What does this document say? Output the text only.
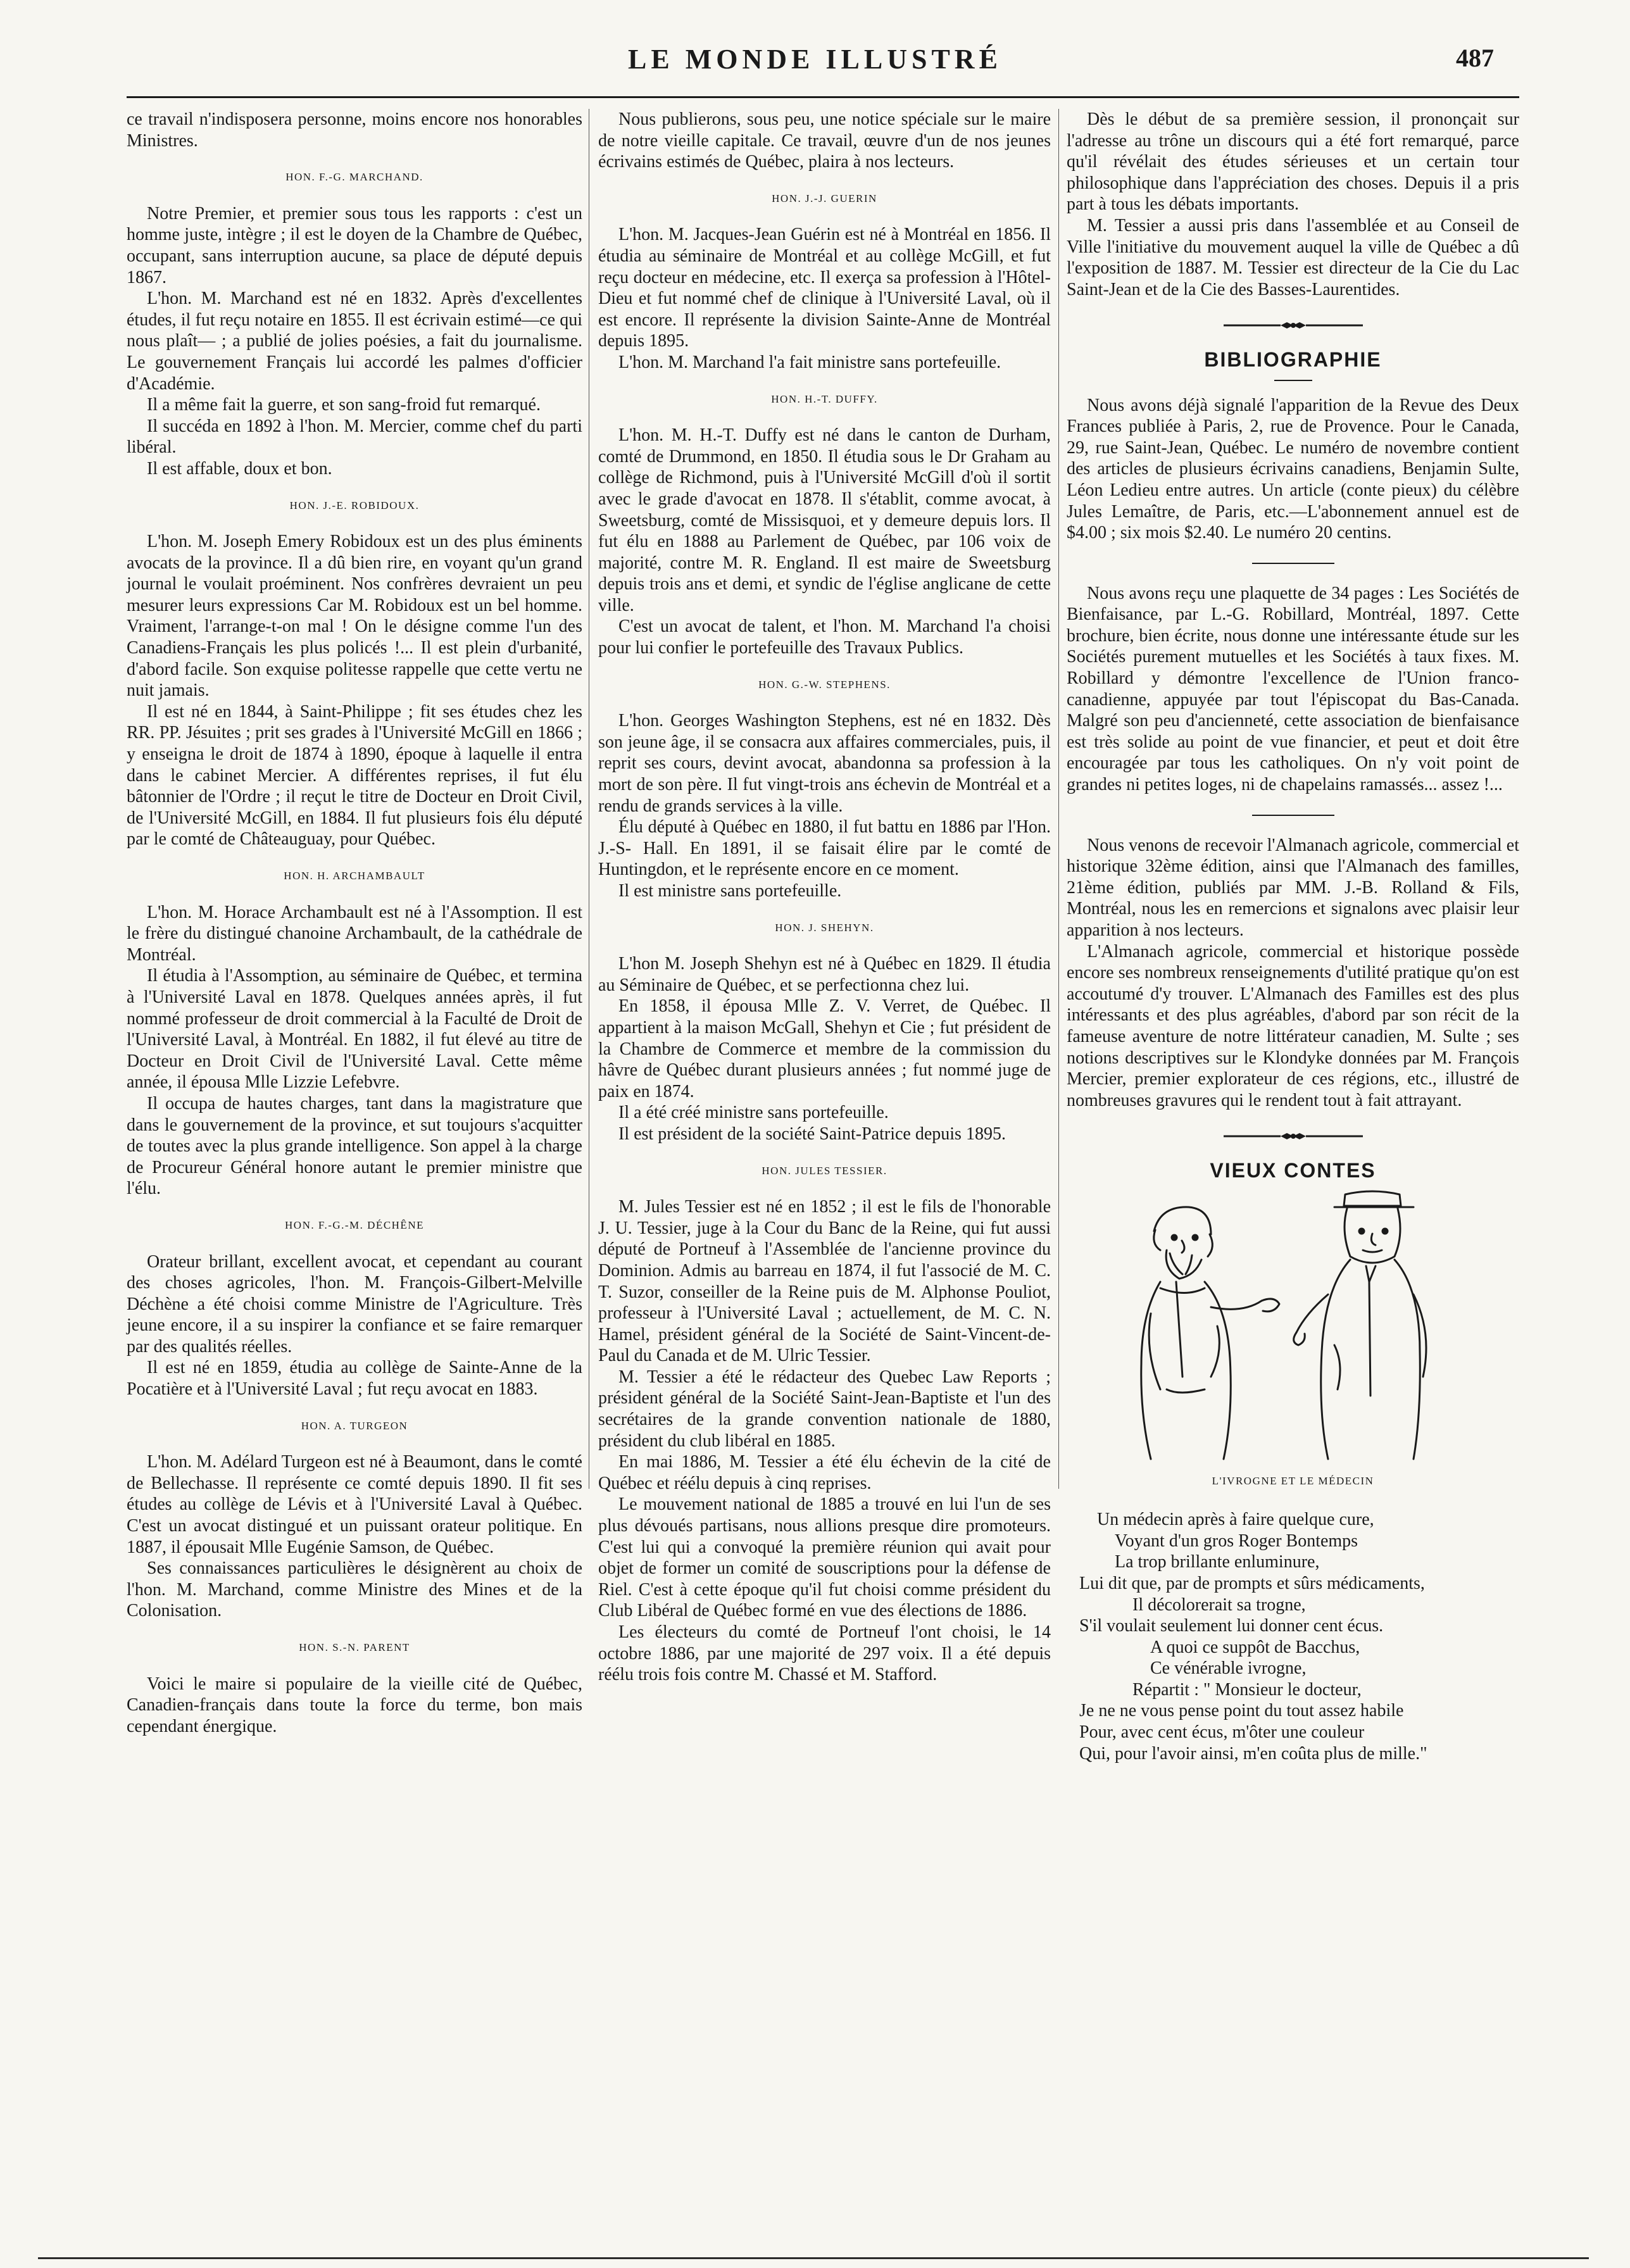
LE MONDE ILLUSTRÉ	487

ce travail n'indisposera personne, moins encore nos honorables Ministres.

HON. F.-G. MARCHAND.

Notre Premier, et premier sous tous les rapports : c'est un homme juste, intègre ; il est le doyen de la Chambre de Québec, occupant, sans interruption aucune, sa place de député depuis 1867.

L'hon. M. Marchand est né en 1832. Après d'excellentes études, il fut reçu notaire en 1855. Il est écrivain estimé—ce qui nous plaît— ; a publié de jolies poésies, a fait du journalisme. Le gouvernement Français lui accordé les palmes d'officier d'Académie.

Il a même fait la guerre, et son sang-froid fut remarqué.

Il succéda en 1892 à l'hon. M. Mercier, comme chef du parti libéral.

Il est affable, doux et bon.

HON. J.-E. ROBIDOUX.

L'hon. M. Joseph Emery Robidoux est un des plus éminents avocats de la province. Il a dû bien rire, en voyant qu'un grand journal le voulait proéminent. Nos confrères devraient un peu mesurer leurs expressions Car M. Robidoux est un bel homme. Vraiment, l'arrange-t-on mal ! On le désigne comme l'un des Canadiens-Français les plus policés !... Il est plein d'urbanité, d'abord facile. Son exquise politesse rappelle que cette vertu ne nuit jamais.

Il est né en 1844, à Saint-Philippe ; fit ses études chez les RR. PP. Jésuites ; prit ses grades à l'Université McGill en 1866 ; y enseigna le droit de 1874 à 1890, époque à laquelle il entra dans le cabinet Mercier. A différentes reprises, il fut élu bâtonnier de l'Ordre ; il reçut le titre de Docteur en Droit Civil, de l'Université McGill, en 1884. Il fut plusieurs fois élu député par le comté de Châteauguay, pour Québec.

HON. H. ARCHAMBAULT

L'hon. M. Horace Archambault est né à l'Assomption. Il est le frère du distingué chanoine Archambault, de la cathédrale de Montréal.

Il étudia à l'Assomption, au séminaire de Québec, et termina à l'Université Laval en 1878. Quelques années après, il fut nommé professeur de droit commercial à la Faculté de Droit de l'Université Laval, à Montréal. En 1882, il fut élevé au titre de Docteur en Droit Civil de l'Université Laval. Cette même année, il épousa Mlle Lizzie Lefebvre.

Il occupa de hautes charges, tant dans la magistrature que dans le gouvernement de la province, et sut toujours s'acquitter de toutes avec la plus grande intelligence. Son appel à la charge de Procureur Général honore autant le premier ministre que l'élu.

HON. F.-G.-M. DÉCHÊNE

Orateur brillant, excellent avocat, et cependant au courant des choses agricoles, l'hon. M. François-Gilbert-Melville Déchène a été choisi comme Ministre de l'Agriculture. Très jeune encore, il a su inspirer la confiance et se faire remarquer par des qualités réelles.

Il est né en 1859, étudia au collège de Sainte-Anne de la Pocatière et à l'Université Laval ; fut reçu avocat en 1883.

HON. A. TURGEON

L'hon. M. Adélard Turgeon est né à Beaumont, dans le comté de Bellechasse. Il représente ce comté depuis 1890. Il fit ses études au collège de Lévis et à l'Université Laval à Québec. C'est un avocat distingué et un puissant orateur politique. En 1887, il épousait Mlle Eugénie Samson, de Québec.

Ses connaissances particulières le désignèrent au choix de l'hon. M. Marchand, comme Ministre des Mines et de la Colonisation.

HON. S.-N. PARENT

Voici le maire si populaire de la vieille cité de Québec, Canadien-français dans toute la force du terme, bon mais cependant énergique.

Nous publierons, sous peu, une notice spéciale sur le maire de notre vieille capitale. Ce travail, œuvre d'un de nos jeunes écrivains estimés de Québec, plaira à nos lecteurs.

HON. J.-J. GUERIN

L'hon. M. Jacques-Jean Guérin est né à Montréal en 1856. Il étudia au séminaire de Montréal et au collège McGill, et fut reçu docteur en médecine, etc. Il exerça sa profession à l'Hôtel-Dieu et fut nommé chef de clinique à l'Université Laval, où il est encore. Il représente la division Sainte-Anne de Montréal depuis 1895.

L'hon. M. Marchand l'a fait ministre sans portefeuille.

HON. H.-T. DUFFY.

L'hon. M. H.-T. Duffy est né dans le canton de Durham, comté de Drummond, en 1850. Il étudia sous le Dr Graham au collège de Richmond, puis à l'Université McGill d'où il sortit avec le grade d'avocat en 1878. Il s'établit, comme avocat, à Sweetsburg, comté de Missisquoi, et y demeure depuis lors. Il fut élu en 1888 au Parlement de Québec, par 106 voix de majorité, contre M. R. England. Il est maire de Sweetsburg depuis trois ans et demi, et syndic de l'église anglicane de cette ville.

C'est un avocat de talent, et l'hon. M. Marchand l'a choisi pour lui confier le portefeuille des Travaux Publics.

HON. G.-W. STEPHENS.

L'hon. Georges Washington Stephens, est né en 1832. Dès son jeune âge, il se consacra aux affaires commerciales, puis, il reprit ses cours, devint avocat, abandonna sa profession à la mort de son père. Il fut vingt-trois ans échevin de Montréal et a rendu de grands services à la ville.

Élu député à Québec en 1880, il fut battu en 1886 par l'Hon. J.-S- Hall. En 1891, il se faisait élire par le comté de Huntingdon, et le représente encore en ce moment.

Il est ministre sans portefeuille.

HON. J. SHEHYN.

L'hon M. Joseph Shehyn est né à Québec en 1829. Il étudia au Séminaire de Québec, et se perfectionna chez lui.

En 1858, il épousa Mlle Z. V. Verret, de Québec. Il appartient à la maison McGall, Shehyn et Cie ; fut président de la Chambre de Commerce et membre de la commission du hâvre de Québec durant plusieurs années ; fut nommé juge de paix en 1874.

Il a été créé ministre sans portefeuille.

Il est président de la société Saint-Patrice depuis 1895.

HON. JULES TESSIER.

M. Jules Tessier est né en 1852 ; il est le fils de l'honorable J. U. Tessier, juge à la Cour du Banc de la Reine, qui fut aussi député de Portneuf à l'Assemblée de l'ancienne province du Dominion. Admis au barreau en 1874, il fut l'associé de M. C. T. Suzor, conseiller de la Reine puis de M. Alphonse Pouliot, professeur à l'Université Laval ; actuellement, de M. C. N. Hamel, président général de la Société de Saint-Vincent-de-Paul du Canada et de M. Ulric Tessier.

M. Tessier a été le rédacteur des Quebec Law Reports ; président général de la Société Saint-Jean-Baptiste et l'un des secrétaires de la grande convention nationale de 1880, président du club libéral en 1885.

En mai 1886, M. Tessier a été élu échevin de la cité de Québec et réélu depuis à cinq reprises.

Le mouvement national de 1885 a trouvé en lui l'un de ses plus dévoués partisans, nous allions presque dire promoteurs. C'est lui qui a convoqué la première réunion qui avait pour objet de former un comité de souscriptions pour la défense de Riel. C'est à cette époque qu'il fut choisi comme président du Club Libéral de Québec formé en vue des élections de 1886.

Les électeurs du comté de Portneuf l'ont choisi, le 14 octobre 1886, par une majorité de 297 voix. Il a été depuis réélu trois fois contre M. Chassé et M. Stafford.

Dès le début de sa première session, il prononçait sur l'adresse au trône un discours qui a été fort remarqué, parce qu'il révélait des études sérieuses et un certain tour philosophique dans l'appréciation des choses. Depuis il a pris part à tous les débats importants.

M. Tessier a aussi pris dans l'assemblée et au Conseil de Ville l'initiative du mouvement auquel la ville de Québec a dû l'exposition de 1887. M. Tessier est directeur de la Cie du Lac Saint-Jean et de la Cie des Basses-Laurentides.

BIBLIOGRAPHIE

Nous avons déjà signalé l'apparition de la Revue des Deux Frances publiée à Paris, 2, rue de Provence. Pour le Canada, 29, rue Saint-Jean, Québec. Le numéro de novembre contient des articles de plusieurs écrivains canadiens, Benjamin Sulte, Léon Ledieu entre autres. Un article (conte pieux) du célèbre Jules Lemaître, de Paris, etc.—L'abonnement annuel est de $4.00 ; six mois $2.40. Le numéro 20 centins.

Nous avons reçu une plaquette de 34 pages : Les Sociétés de Bienfaisance, par L.-G. Robillard, Montréal, 1897. Cette brochure, bien écrite, nous donne une intéressante étude sur les Sociétés purement mutuelles et les Sociétés à taux fixes. M. Robillard y démontre l'excellence de l'Union franco-canadienne, appuyée par tout l'épiscopat du Bas-Canada. Malgré son peu d'ancienneté, cette association de bienfaisance est très solide au point de vue financier, et peut et doit être encouragée par tous les catholiques. On n'y voit point de grandes ni petites loges, ni de chapelains ramassés... assez !...

Nous venons de recevoir l'Almanach agricole, commercial et historique 32ème édition, ainsi que l'Almanach des familles, 21ème édition, publiés par MM. J.-B. Rolland & Fils, Montréal, nous les en remercions et signalons avec plaisir leur apparition à nos lecteurs.

L'Almanach agricole, commercial et historique possède encore ses nombreux renseignements d'utilité pratique qu'on est accoutumé d'y trouver. L'Almanach des Familles est des plus intéressants et des plus agréables, d'abord par son récit de la fameuse aventure de notre littérateur canadien, M. Sulte ; ses notions descriptives sur le Klondyke données par M. François Mercier, premier explorateur de ces régions, etc., illustré de nombreuses gravures qui le rendent tout à fait attrayant.

VIEUX CONTES
L'IVROGNE ET LE MÉDECIN
Un médecin après à faire quelque cure,
Voyant d'un gros Roger Bontemps
La trop brillante enluminure,
Lui dit que, par de prompts et sûrs médicaments,
Il décolorerait sa trogne,
S'il voulait seulement lui donner cent écus.
A quoi ce suppôt de Bacchus,
Ce vénérable ivrogne,
Répartit : " Monsieur le docteur,
Je ne ne vous pense point du tout assez habile
Pour, avec cent écus, m'ôter une couleur
Qui, pour l'avoir ainsi, m'en coûta plus de mille."
